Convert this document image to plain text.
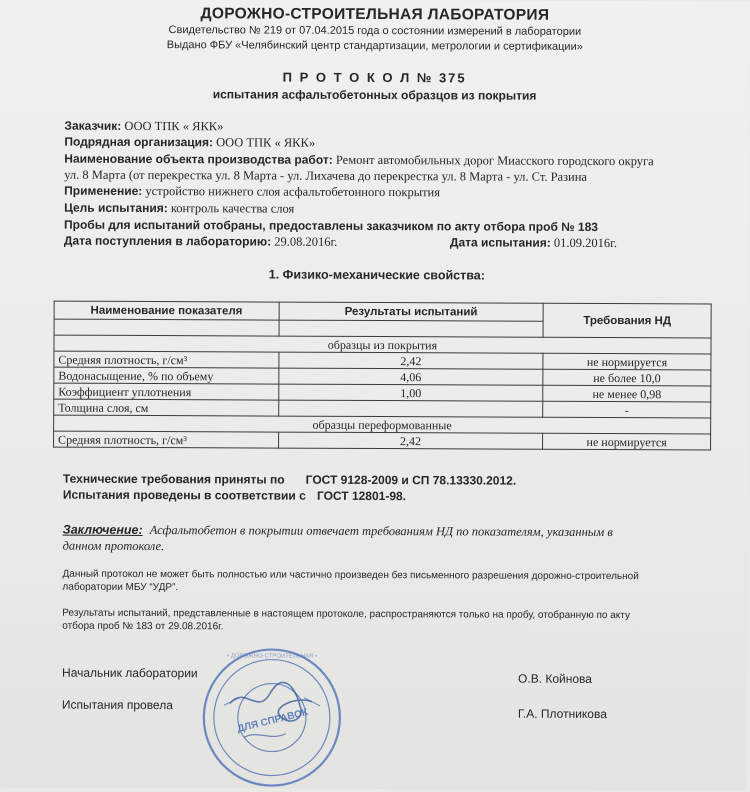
ДОРОЖНО-СТРОИТЕЛЬНАЯ ЛАБОРАТОРИЯ
Свидетельство № 219 от 07.04.2015 года о состоянии измерений в лаборатории
Выдано ФБУ «Челябинский центр стандартизации, метрологии и сертификации»
П Р О Т О К О Л № 375
испытания асфальтобетонных образцов из покрытия
Заказчик: ООО ТПК « ЯКК»
Подрядная организация: ООО ТПК « ЯКК»
Наименование объекта производства работ: Ремонт автомобильных дорог Миасского городского округа
ул. 8 Марта (от перекрестка ул. 8 Марта - ул. Лихачева до перекрестка ул. 8 Марта - ул. Ст. Разина
Применение: устройство нижнего слоя асфальтобетонного покрытия
Цель испытания: контроль качества слоя
Пробы для испытаний отобраны, предоставлены заказчиком по акту отбора проб № 183
Дата поступления в лабораторию: 29.08.2016г.	Дата испытания: 01.09.2016г.
1. Физико-механические свойства:
Наименование показателя	Результаты испытаний	Требования НД

образцы из покрытия		
Средняя плотность, г/см³	2,42	не нормируется
Водонасыщение, % по объему	4,06	не более 10,0
Коэффициент уплотнения	1,00	не менее 0,98
Толщина слоя, см		-
образцы переформованные		
Средняя плотность, г/см³	2,42	не нормируется
Технические требования приняты по ГОСТ 9128-2009 и СП 78.13330.2012.
Испытания проведены в соответствии с ГОСТ 12801-98.
Заключение: Асфальтобетон в покрытии отвечает требованиям НД по показателям, указанным в
данном протоколе.
Данный протокол не может быть полностью или частично произведен без письменного разрешения дорожно-строительной
лаборатории МБУ “УДР”.
Результаты испытаний, представленные в настоящем протоколе, распространяются только на пробу, отобранную по акту
отбора проб № 183 от 29.08.2016г.
Начальник лаборатории	О.В. Койнова
Испытания провела
Г.А. Плотникова
• ДОРОЖНО-СТРОИТЕЛЬНАЯ •
ДЛЯ СПРАВОК
